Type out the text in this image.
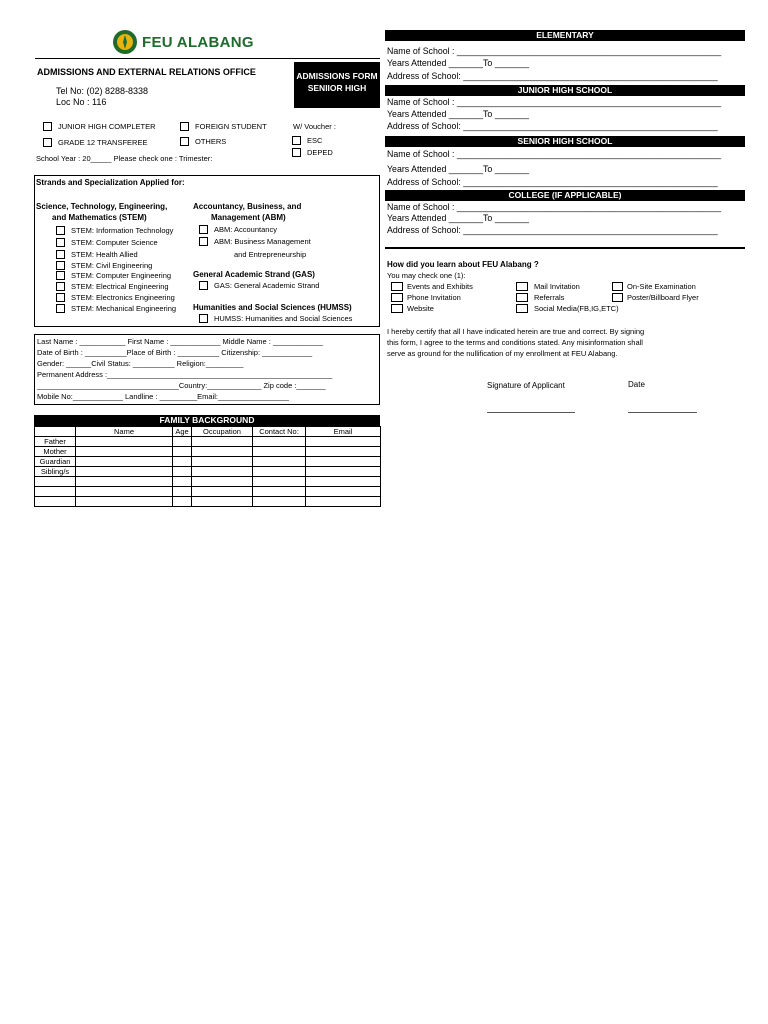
FEU ALABANG
ADMISSIONS AND EXTERNAL RELATIONS OFFICE
Tel No: (02) 8288-8338
Loc No : 116
ADMISSIONS FORM
SENIIOR HIGH
JUNIOR HIGH COMPLETER
GRADE 12 TRANSFEREE
FOREIGN STUDENT
OTHERS
W/ Voucher :
ESC
DEPED
School Year : 20_____ Please check one : Trimester:
Strands and Specialization Applied for:
Science, Technology, Engineering,
and Mathematics (STEM)
STEM: Information Technology
STEM: Computer Science
STEM: Health Allied
STEM: Civil Engineering
STEM: Computer Engineering
STEM: Electrical Engineering
STEM: Electronics Engineering
STEM: Mechanical Engineering
Accountancy, Business, and
Management (ABM)
ABM: Accountancy
ABM: Business Management
and Entrepreneurship
General Academic Strand (GAS)
GAS: General Academic Strand
Humanities and Social Sciences (HUMSS)
HUMSS: Humanities and Social Sciences
Last Name : ___________ First Name : ____________ Middle Name : ____________
Date of Birth : __________Place of Birth : __________ Citizenship: ____________
Gender: ______Civil Status: __________ Religion:_________
Permanent Address :______________________________________________________
__________________________________Country:_____________ Zip code :_______
Mobile No:____________ Landline : _________Email:_________________
FAMILY BACKGROUND
	Name	Age	Occupation	Contact No:	Email
Father					
Mother					
Guardian					
Sibling/s					

ELEMENTARY
Name of School : ______________________________________________________
Years Attended _______To _______
Address of School: ____________________________________________________
JUNIOR HIGH SCHOOL
Name of School : ______________________________________________________
Years Attended _______To _______
Address of School: ____________________________________________________
SENIOR HIGH SCHOOL
Name of School : ______________________________________________________
Years Attended _______To _______
Address of School: ____________________________________________________
COLLEGE (IF APPLICABLE)
Name of School : ______________________________________________________
Years Attended _______To _______
Address of School: ____________________________________________________
How did you learn about FEU Alabang ?
You may check one (1):
Events and Exhibits
Phone Invitation
Website
Mail Invitation
Referrals
Social Media(FB,IG,ETC)
On-Site Examination
Poster/Billboard Flyer
I hereby certify that all I have indicated herein are true and correct. By signing
this form, I agree to the terms and conditions stated. Any misinformation shall
serve as ground for the nullification of my enrollment at FEU Alabang.
Signature of Applicant	Date
